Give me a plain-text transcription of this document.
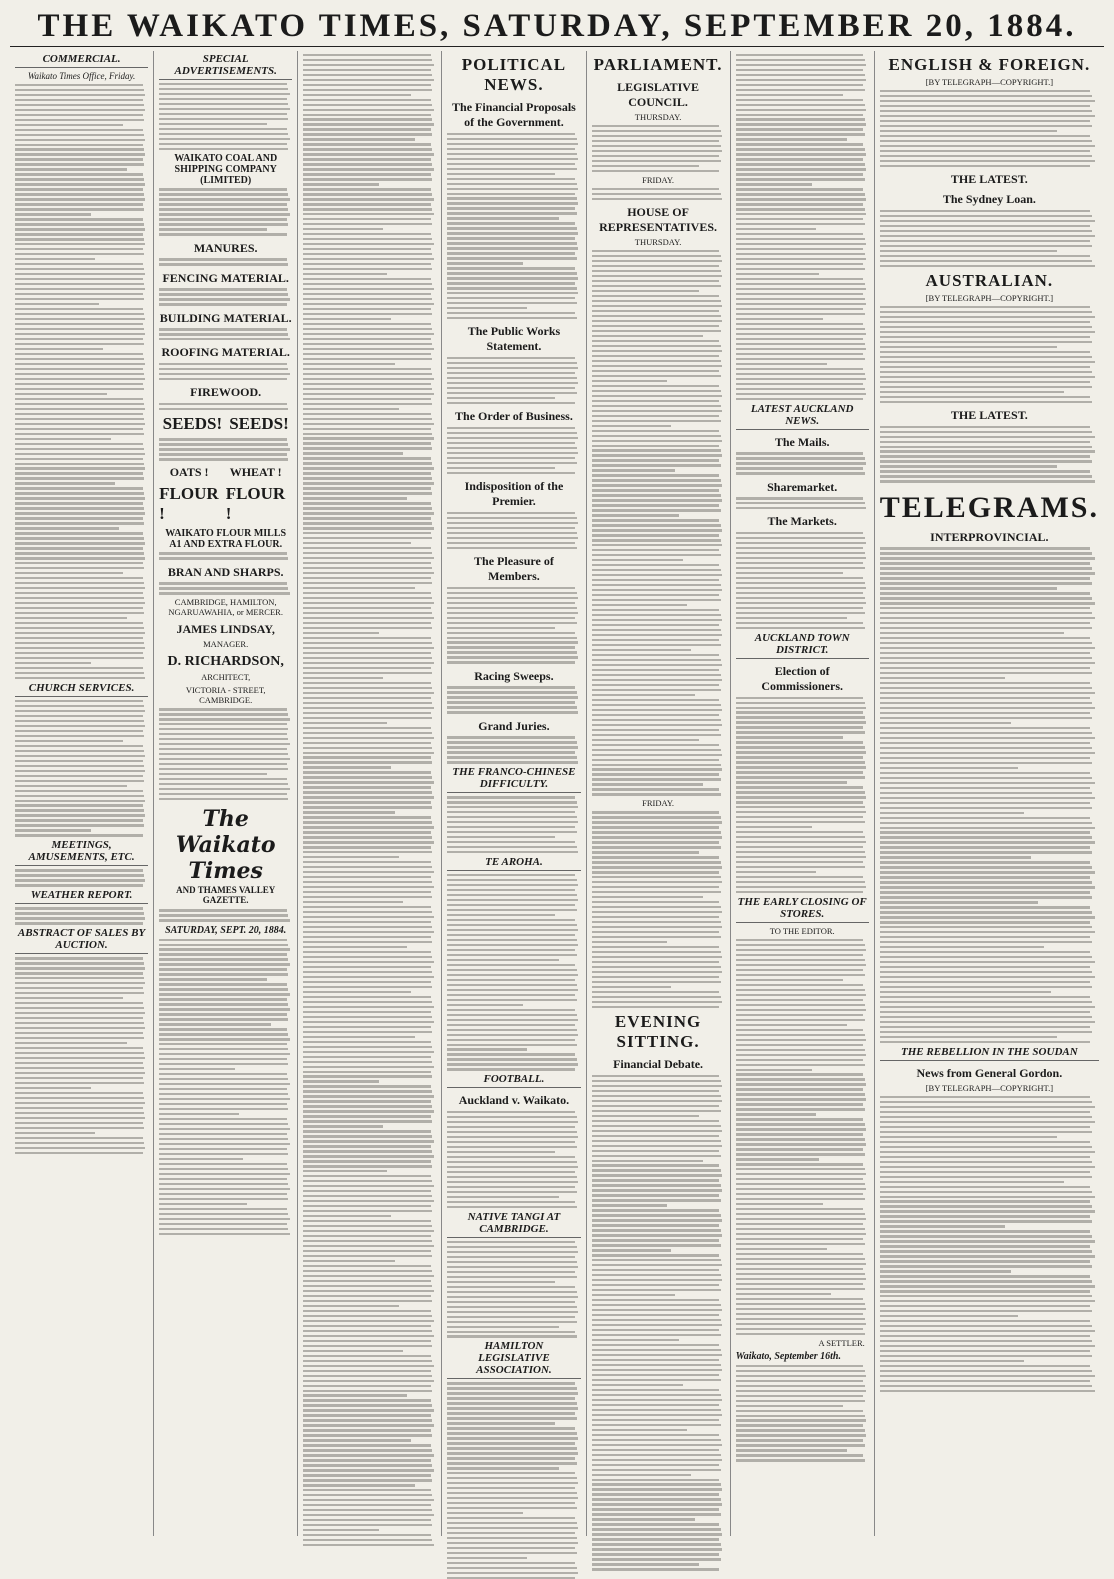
THE WAIKATO TIMES, SATURDAY, SEPTEMBER 20, 1884.
COMMERCIAL.
Waikato Times Office, Friday.
CHURCH SERVICES.
MEETINGS, AMUSEMENTS, ETC.
WEATHER REPORT.
ABSTRACT OF SALES BY AUCTION.
SPECIAL ADVERTISEMENTS.
WAIKATO COAL AND SHIPPING COMPANY (LIMITED)
MANURES.
FENCING MATERIAL.
BUILDING MATERIAL.
ROOFING MATERIAL.
FIREWOOD.
SEEDS! SEEDS!
OATS ! WHEAT !
FLOUR !
FLOUR !
WAIKATO FLOUR MILLS A1 AND EXTRA FLOUR.
BRAN AND SHARPS.
CAMBRIDGE, HAMILTON, NGARUAWAHIA, or MERCER.
JAMES LINDSAY,
MANAGER.
D. RICHARDSON,
ARCHITECT,
VICTORIA - STREET, CAMBRIDGE.
The Waikato Times
AND THAMES VALLEY GAZETTE.
SATURDAY, SEPT. 20, 1884.
POLITICAL NEWS.
The Financial Proposals of the Government.
The Public Works Statement.
The Order of Business.
Indisposition of the Premier.
The Pleasure of Members.
Racing Sweeps.
Grand Juries.
THE FRANCO-CHINESE DIFFICULTY.
TE AROHA.
FOOTBALL.
Auckland v. Waikato.
NATIVE TANGI AT CAMBRIDGE.
HAMILTON LEGISLATIVE ASSOCIATION.
PARLIAMENT.
LEGISLATIVE COUNCIL.
THURSDAY.
FRIDAY.
HOUSE OF REPRESENTATIVES.
THURSDAY.
FRIDAY.
EVENING SITTING.
Financial Debate.
LATEST AUCKLAND NEWS.
The Mails.
Sharemarket.
The Markets.
AUCKLAND TOWN DISTRICT.
Election of Commissioners.
THE EARLY CLOSING OF STORES.
TO THE EDITOR.
A SETTLER.
Waikato, September 16th.
ENGLISH & FOREIGN.
[BY TELEGRAPH—COPYRIGHT.]
THE LATEST.
The Sydney Loan.
AUSTRALIAN.
[BY TELEGRAPH—COPYRIGHT.]
THE LATEST.
TELEGRAMS.
INTERPROVINCIAL.
THE REBELLION IN THE SOUDAN
News from General Gordon.
[BY TELEGRAPH—COPYRIGHT.]
